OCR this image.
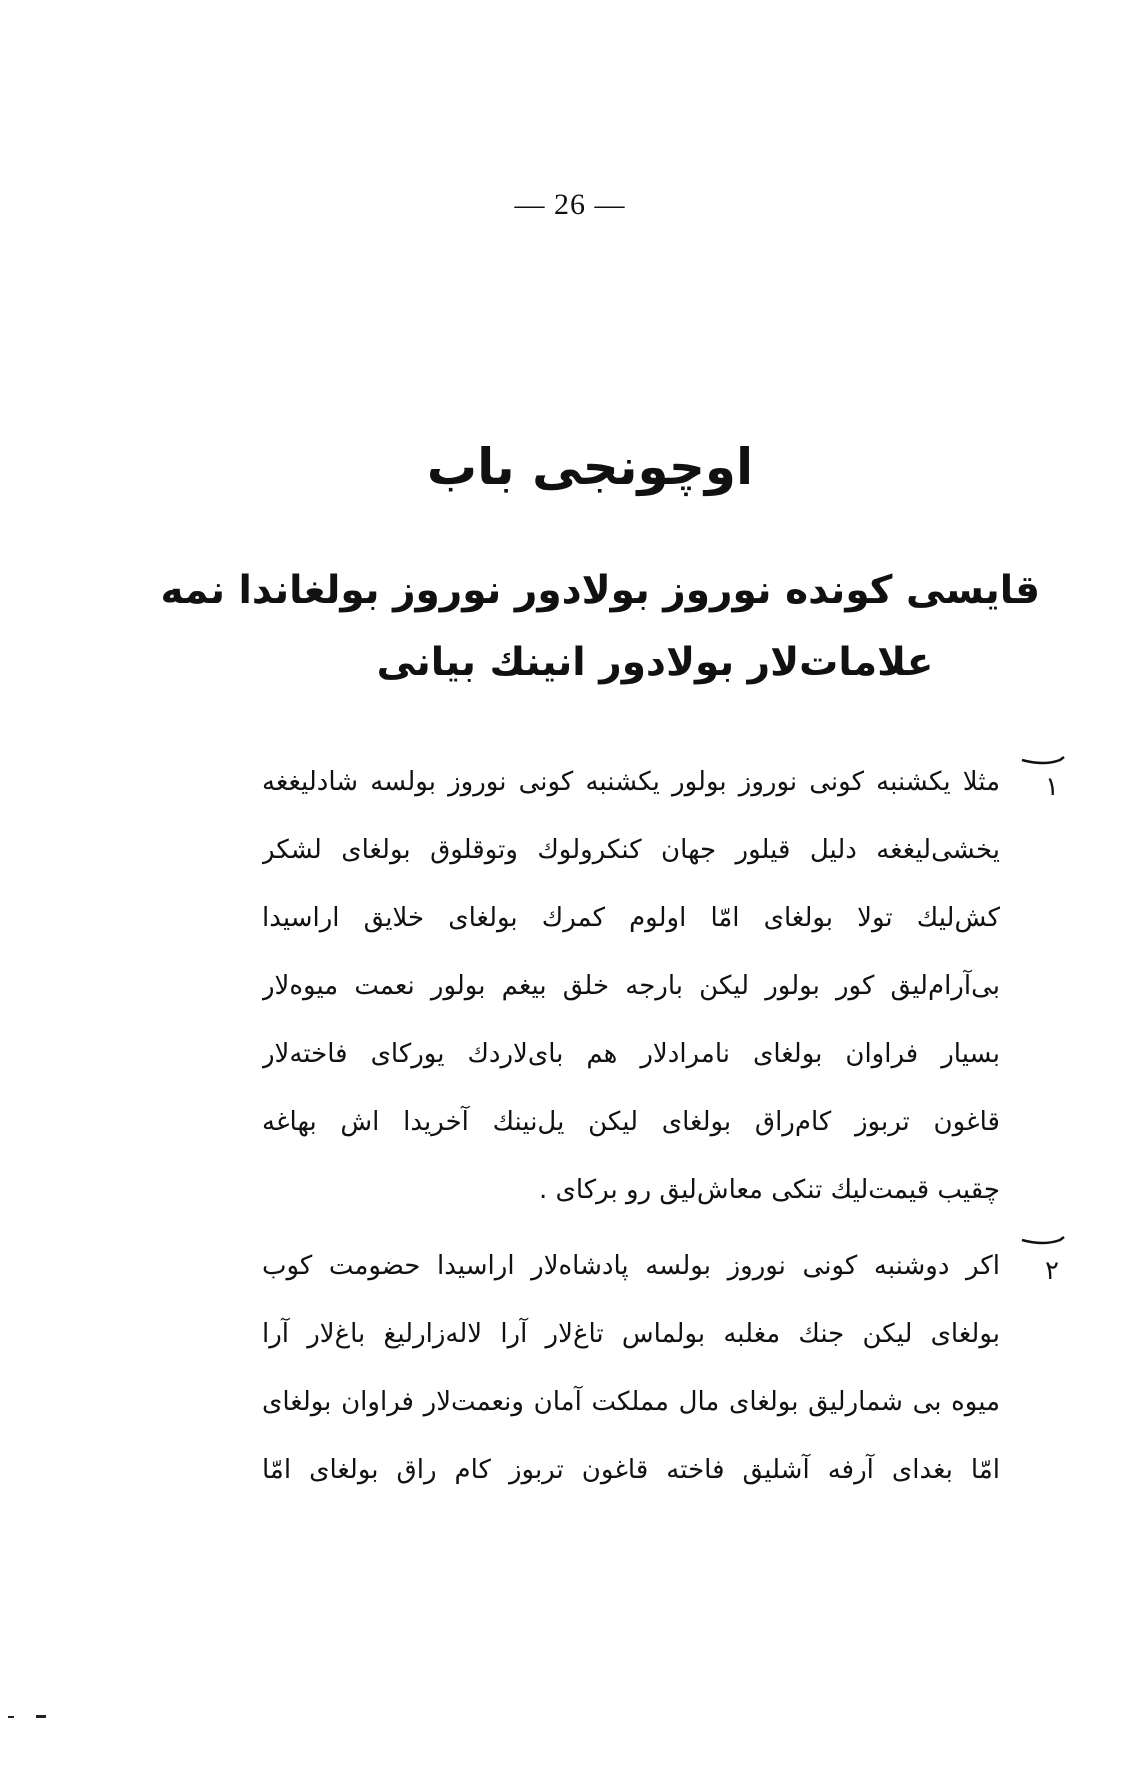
— 26 —
اوچونجی باب
قایسی کونده نوروز بولادور نوروز بولغاندا نمه
علامات‌لار بولادور انینك بیانی
۱
مثلا یکشنبه کونی نوروز بولور یکشنبه کونی نوروز بولسه شادلیغغه
یخشی‌لیغغه دلیل قیلور جهان کنکرولوك وتوقلوق بولغای لشکر
کش‌لیك تولا بولغای امّا اولوم کمرك بولغای خلایق اراسیدا
بی‌آرام‌لیق کور بولور لیکن بارجه خلق بیغم بولور نعمت میوه‌لار
بسیار فراوان بولغای نامرادلار هم بای‌لاردك یورکای فاخته‌لار
قاغون تربوز کام‌راق بولغای لیکن یل‌نینك آخریدا اش بهاغه
چقیب قیمت‌لیك تنکی معاش‌لیق رو برکای .
۲
اکر دوشنبه کونی نوروز بولسه پادشاه‌لار اراسیدا حضومت کوب
بولغای لیکن جنك مغلبه بولماس تاغ‌لار آرا لاله‌زارلیغ باغ‌لار آرا
میوه بی شمارلیق بولغای مال مملکت آمان ونعمت‌لار فراوان بولغای
امّا بغدای آرفه آشلیق فاخته قاغون تربوز کام راق بولغای امّا
